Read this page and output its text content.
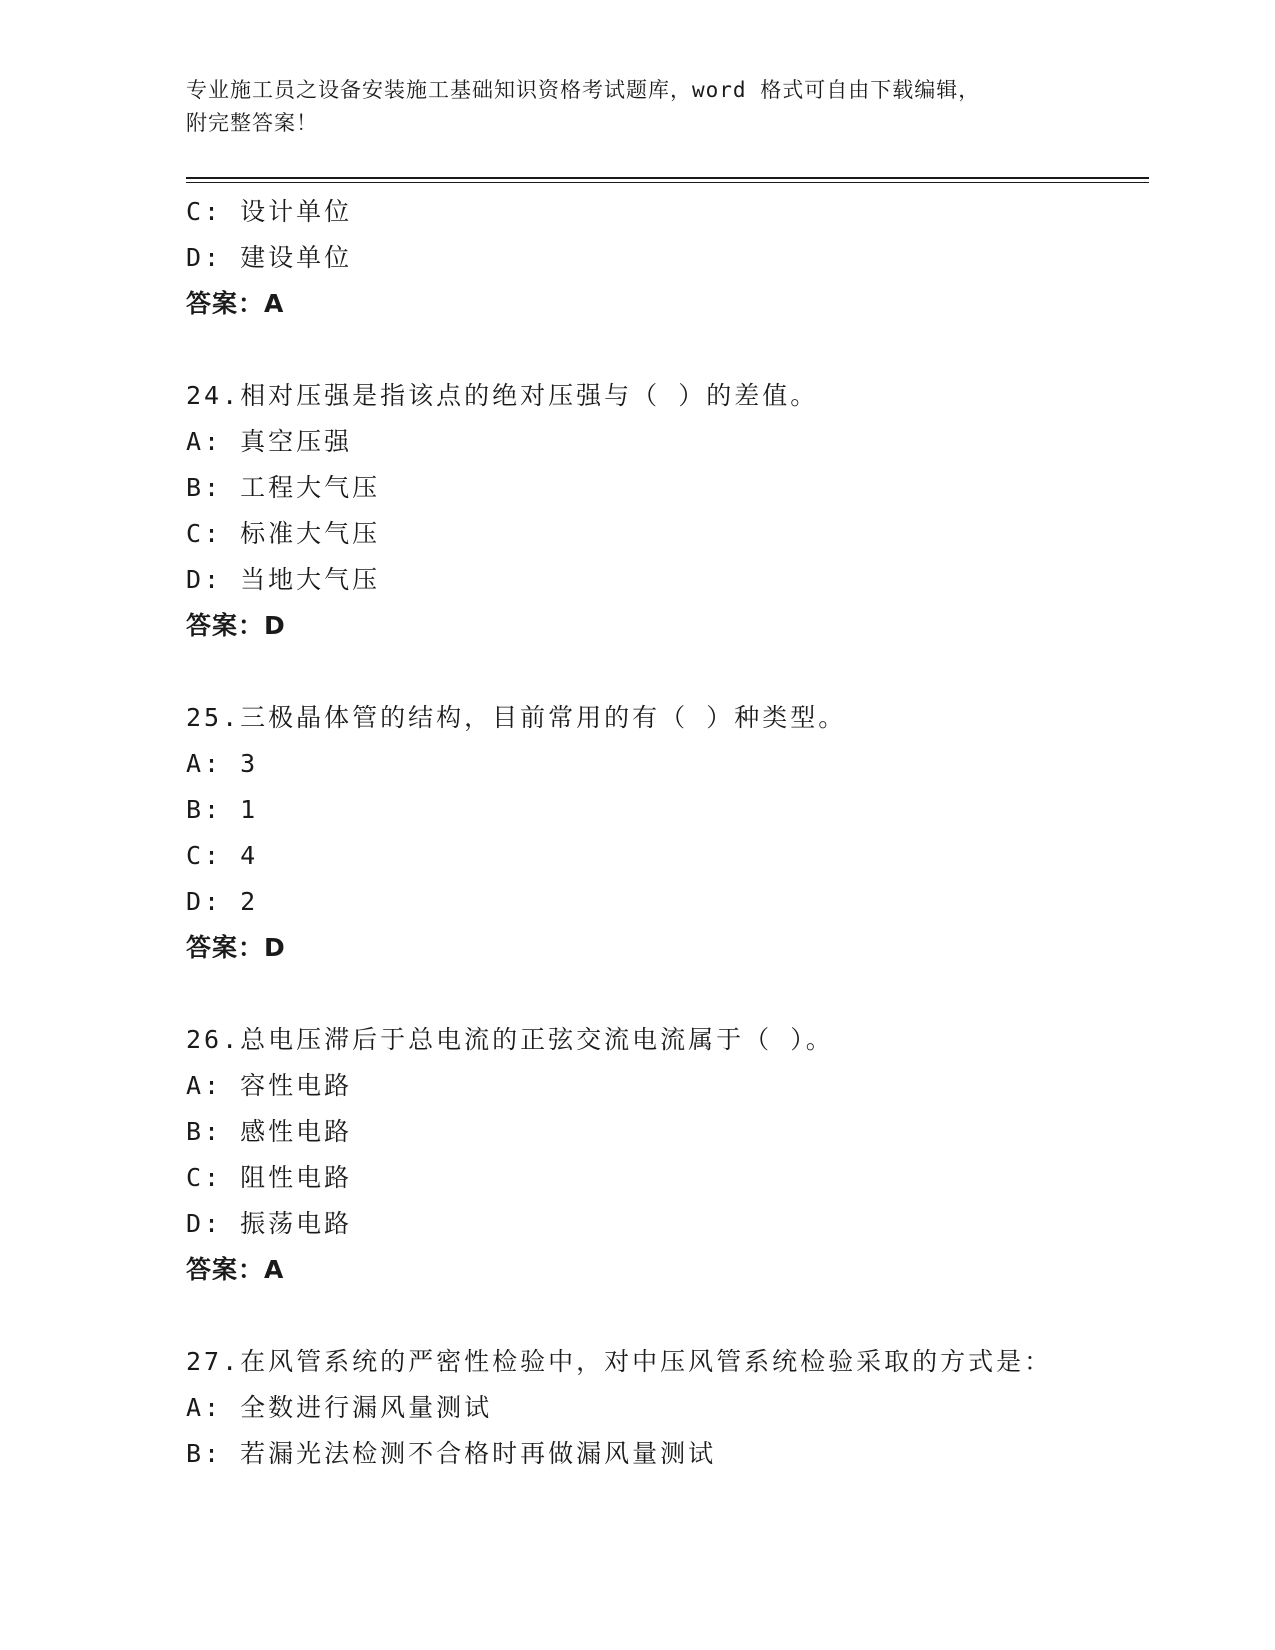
专业施工员之设备安装施工基础知识资格考试题库，word 格式可自由下载编辑，
附完整答案！
C: 设计单位
D: 建设单位
答案：A
24.相对压强是指该点的绝对压强与（ ）的差值。
A: 真空压强
B: 工程大气压
C: 标准大气压
D: 当地大气压
答案：D
25.三极晶体管的结构，目前常用的有（ ）种类型。
A: 3
B: 1
C: 4
D: 2
答案：D
26.总电压滞后于总电流的正弦交流电流属于（ ）。
A: 容性电路
B: 感性电路
C: 阻性电路
D: 振荡电路
答案：A
27.在风管系统的严密性检验中，对中压风管系统检验采取的方式是：
A: 全数进行漏风量测试
B: 若漏光法检测不合格时再做漏风量测试
